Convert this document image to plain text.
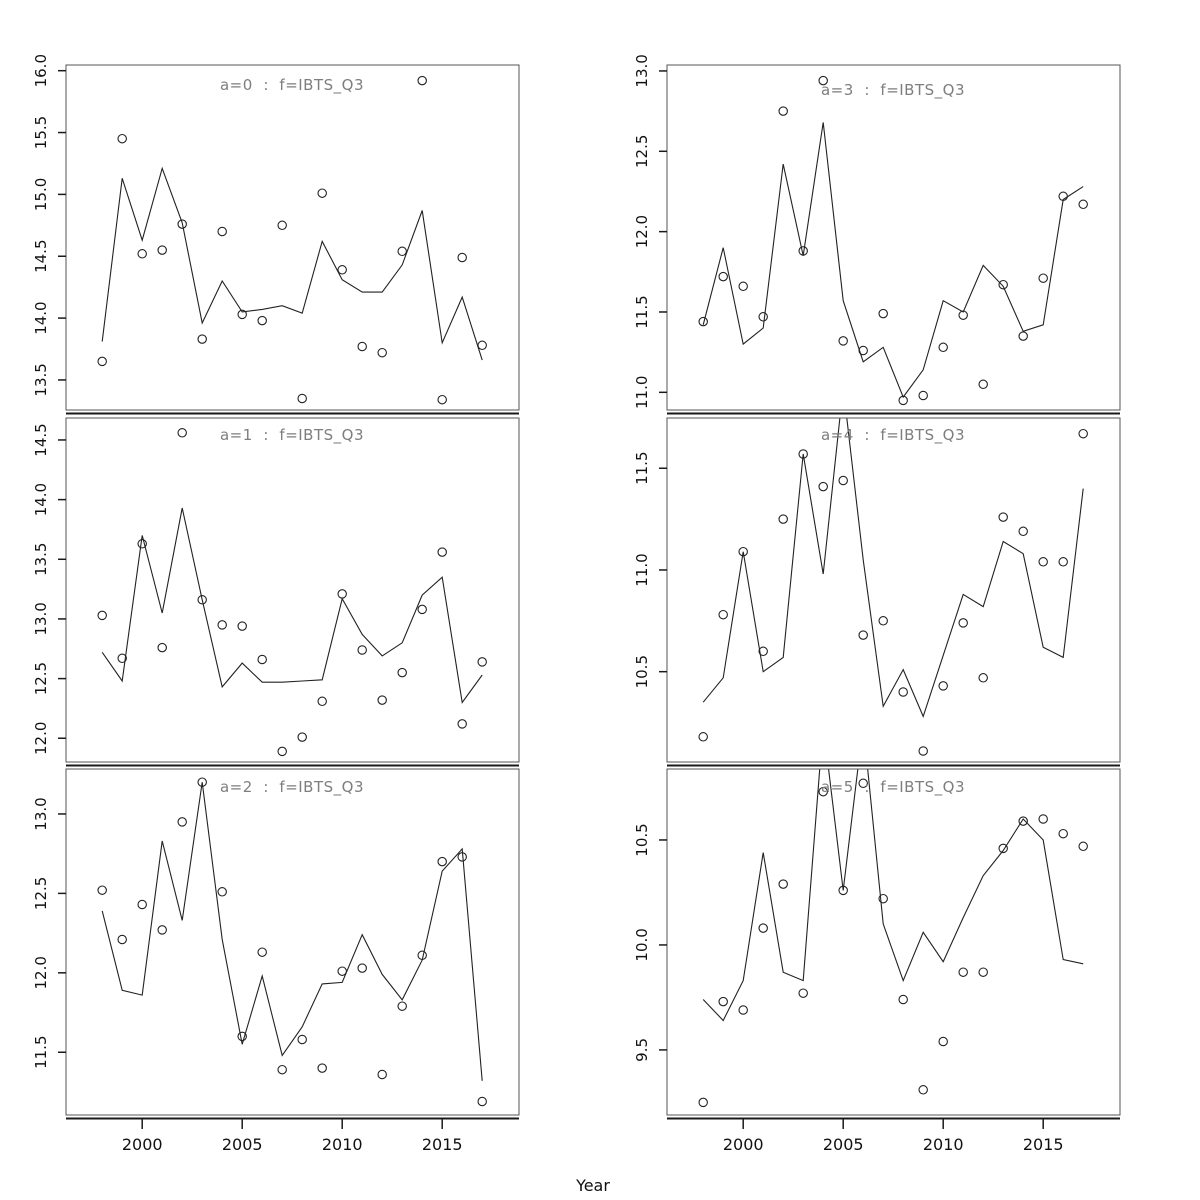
13.5
14.0
14.5
15.0
15.5
16.0
11.0
11.5
12.0
12.5
13.0
12.0
12.5
13.0
13.5
14.0
14.5
10.5
11.0
11.5
11.5
12.0
12.5
13.0
2000	2005	2010	2015
9.5
10.0
10.5
2000	2005	2010	2015
a=0  :  f=IBTS_Q3	a=3  :  f=IBTS_Q3
a=1  :  f=IBTS_Q3	a=4  :  f=IBTS_Q3
a=2  :  f=IBTS_Q3	a=5  :  f=IBTS_Q3
Year
